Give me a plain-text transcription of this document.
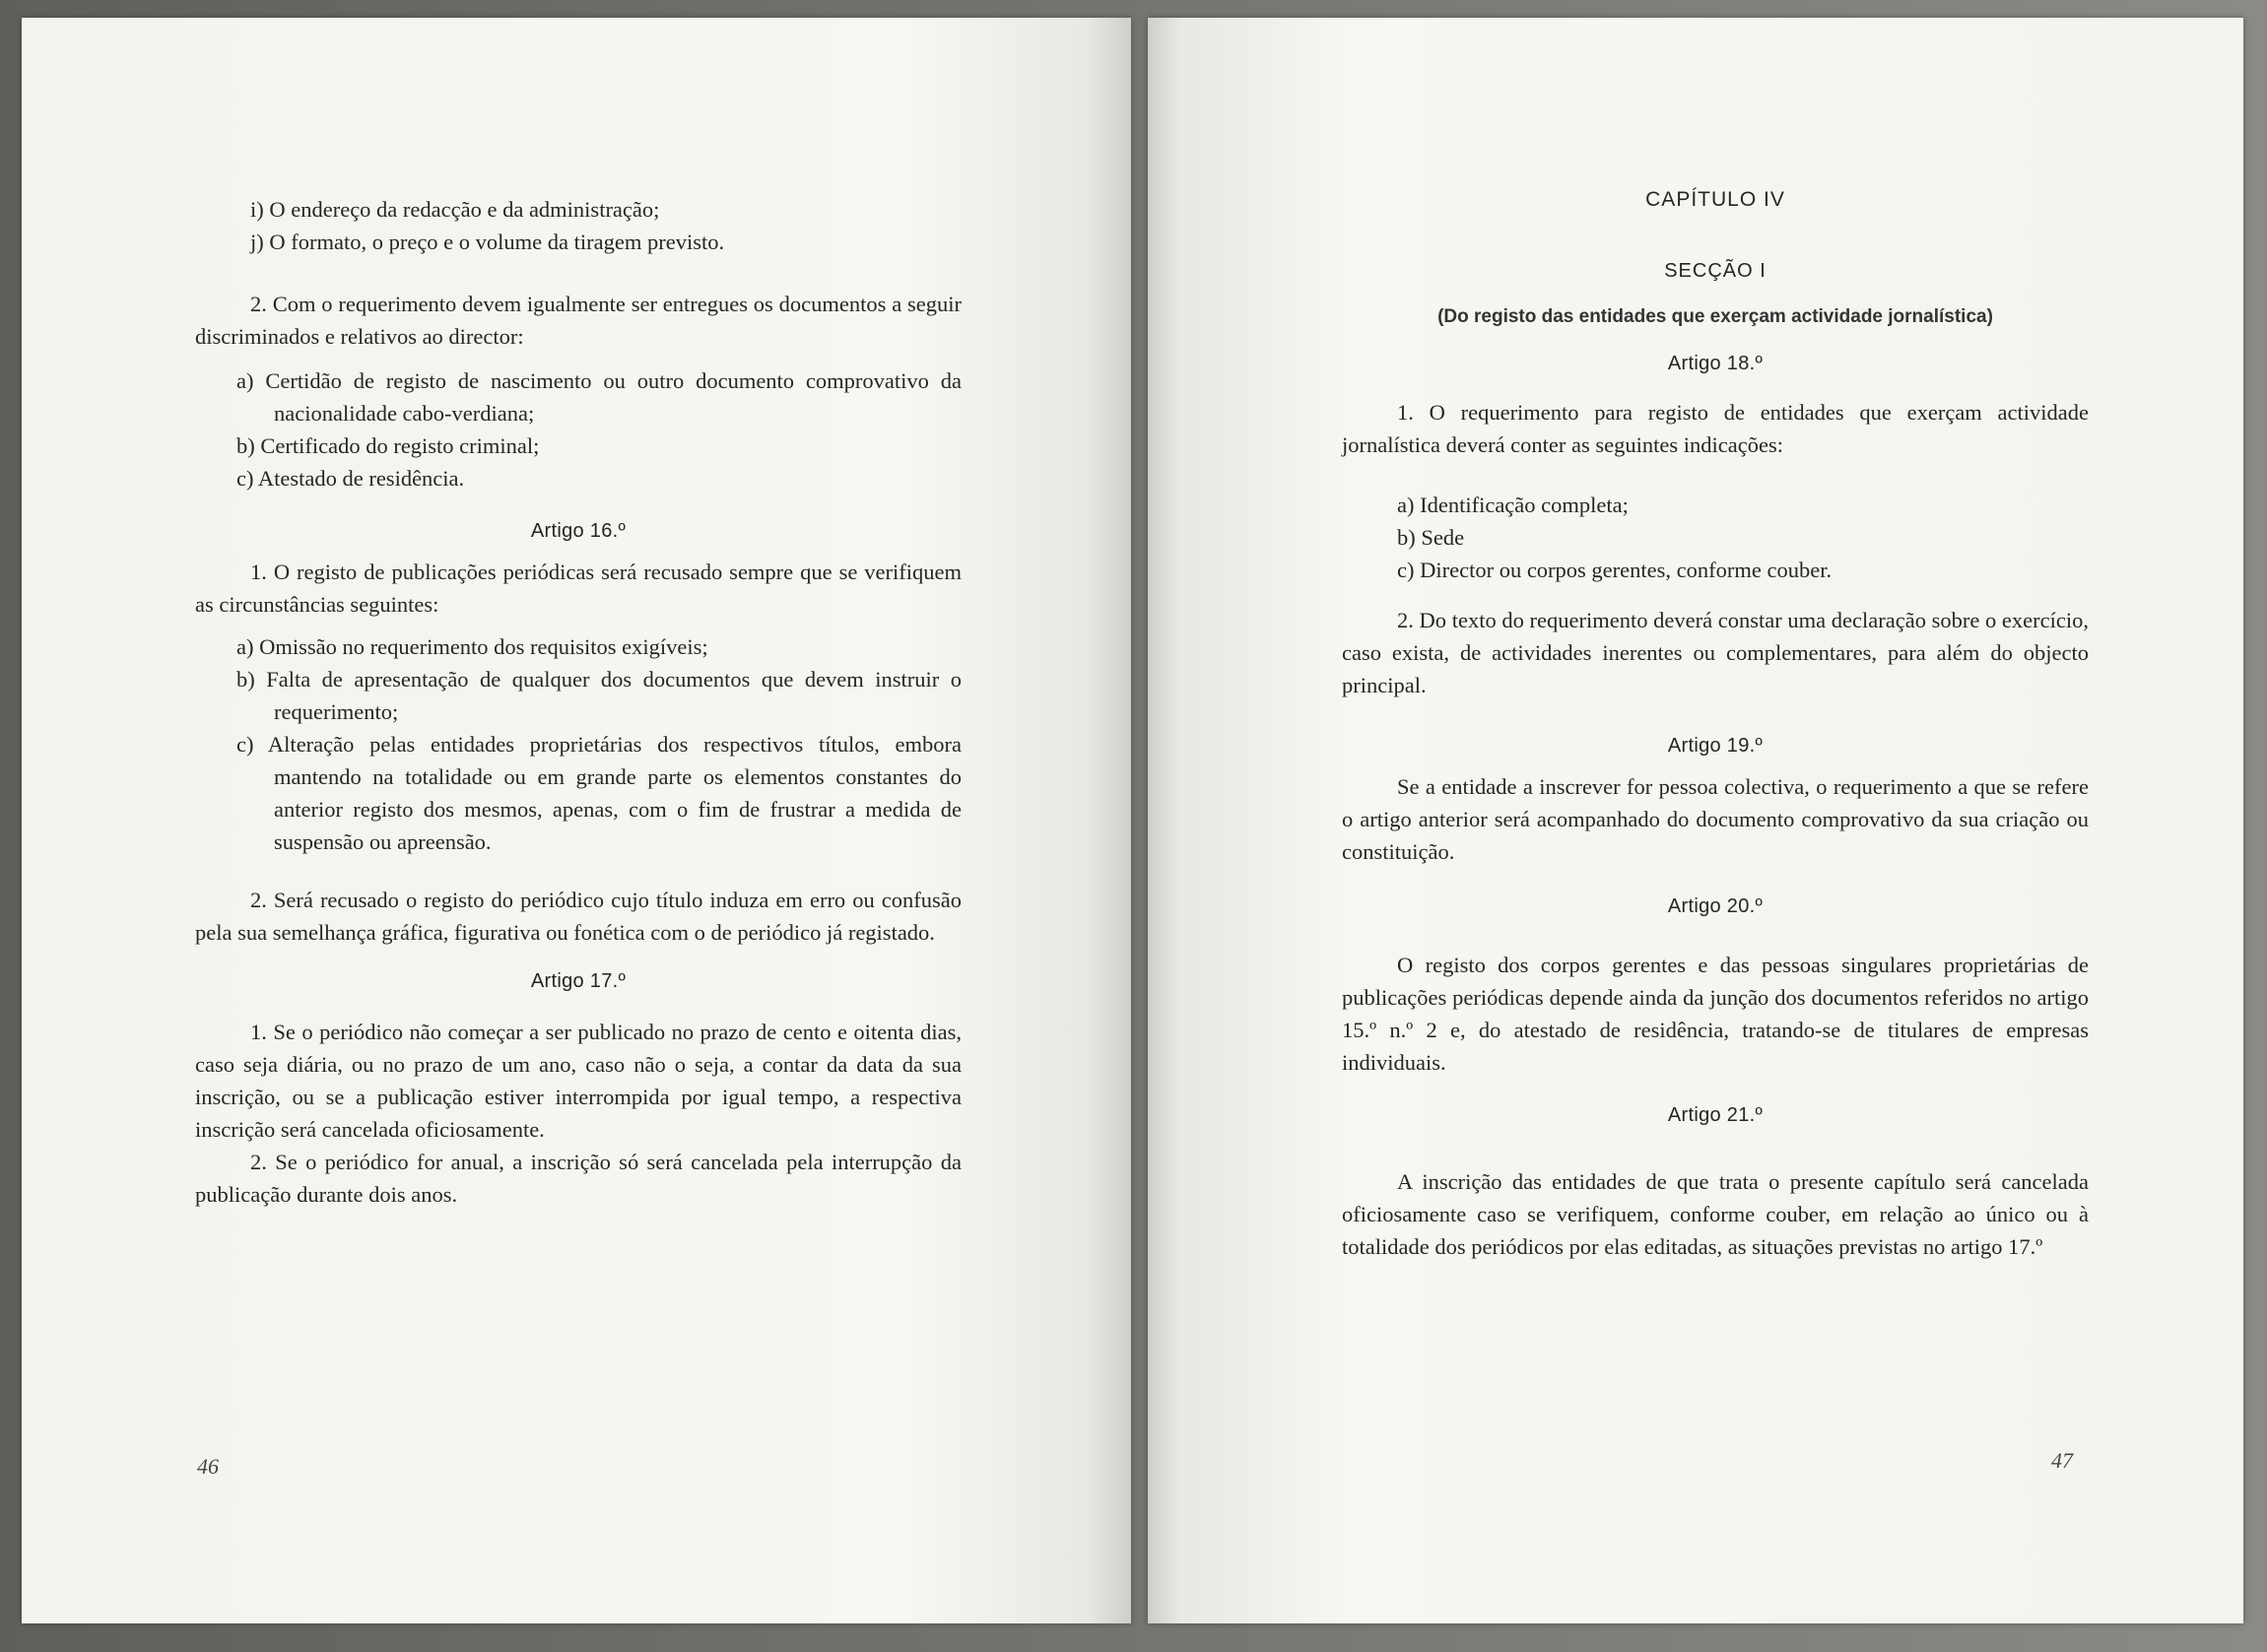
i) O endereço da redacção e da administração;

j) O formato, o preço e o volume da tiragem previsto.

2. Com o requerimento devem igualmente ser entregues os documentos a seguir discriminados e relativos ao director:

a) Certidão de registo de nascimento ou outro documento comprovativo da nacionalidade cabo-verdiana;

b) Certificado do registo criminal;

c) Atestado de residência.

Artigo 16.º

1. O registo de publicações periódicas será recusado sempre que se verifiquem as circunstâncias seguintes:

a) Omissão no requerimento dos requisitos exigíveis;

b) Falta de apresentação de qualquer dos documentos que devem instruir o requerimento;

c) Alteração pelas entidades proprietárias dos respectivos títulos, embora mantendo na totalidade ou em grande parte os elementos constantes do anterior registo dos mesmos, apenas, com o fim de frustrar a medida de suspensão ou apreensão.

2. Será recusado o registo do periódico cujo título induza em erro ou confusão pela sua semelhança gráfica, figurativa ou fonética com o de periódico já registado.

Artigo 17.º

1. Se o periódico não começar a ser publicado no prazo de cento e oitenta dias, caso seja diária, ou no prazo de um ano, caso não o seja, a contar da data da sua inscrição, ou se a publicação estiver interrompida por igual tempo, a respectiva inscrição será cancelada oficiosamente.

2. Se o periódico for anual, a inscrição só será cancelada pela interrupção da publicação durante dois anos.

46
CAPÍTULO IV
SECÇÃO I
(Do registo das entidades que exerçam actividade jornalística)
Artigo 18.º

1. O requerimento para registo de entidades que exerçam actividade jornalística deverá conter as seguintes indicações:

a) Identificação completa;

b) Sede

c) Director ou corpos gerentes, conforme couber.

2. Do texto do requerimento deverá constar uma declaração sobre o exercício, caso exista, de actividades inerentes ou complementares, para além do objecto principal.

Artigo 19.º

Se a entidade a inscrever for pessoa colectiva, o requerimento a que se refere o artigo anterior será acompanhado do documento comprovativo da sua criação ou constituição.

Artigo 20.º

O registo dos corpos gerentes e das pessoas singulares proprietárias de publicações periódicas depende ainda da junção dos documentos referidos no artigo 15.º n.º 2 e, do atestado de residência, tratando-se de titulares de empresas individuais.

Artigo 21.º

A inscrição das entidades de que trata o presente capítulo será cancelada oficiosamente caso se verifiquem, conforme couber, em relação ao único ou à totalidade dos periódicos por elas editadas, as situações previstas no artigo 17.º

47
